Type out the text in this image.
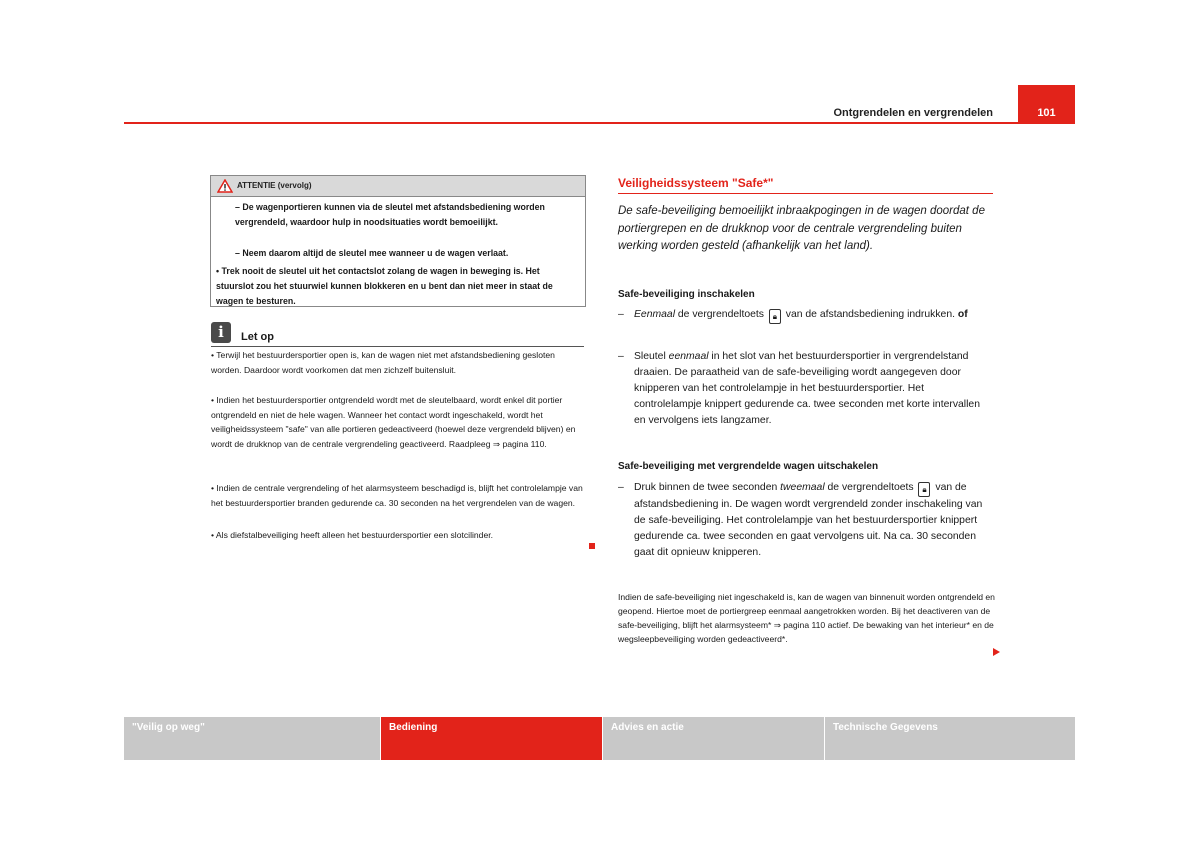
Ontgrendelen en vergrendelen	101
ATTENTIE (vervolg)
– De wagenportieren kunnen via de sleutel met afstandsbediening worden vergrendeld, waardoor hulp in noodsituaties wordt bemoeilijkt.
– Neem daarom altijd de sleutel mee wanneer u de wagen verlaat.
• Trek nooit de sleutel uit het contactslot zolang de wagen in beweging is. Het stuurslot zou het stuurwiel kunnen blokkeren en u bent dan niet meer in staat de wagen te besturen.
i	Let op
• Terwijl het bestuurdersportier open is, kan de wagen niet met afstandsbediening gesloten worden. Daardoor wordt voorkomen dat men zichzelf buitensluit.
• Indien het bestuurdersportier ontgrendeld wordt met de sleutelbaard, wordt enkel dit portier ontgrendeld en niet de hele wagen. Wanneer het contact wordt ingeschakeld, wordt het veiligheidssysteem "safe" van alle portieren gedeactiveerd (hoewel deze vergrendeld blijven) en wordt de drukknop van de centrale vergrendeling geactiveerd. Raadpleeg ⇒ pagina 110.
• Indien de centrale vergrendeling of het alarmsysteem beschadigd is, blijft het controlelampje van het bestuurdersportier branden gedurende ca. 30 seconden na het vergrendelen van de wagen.
• Als diefstalbeveiliging heeft alleen het bestuurdersportier een slotcilinder.
Veiligheidssysteem "Safe*"
De safe-beveiliging bemoeilijkt inbraakpogingen in de wagen doordat de portiergrepen en de drukknop voor de centrale vergrendeling buiten werking worden gesteld (afhankelijk van het land).
Safe-beveiliging inschakelen
– Eenmaal de vergrendeltoets 🔒︎ van de afstandsbediening indrukken. of
– Sleutel eenmaal in het slot van het bestuurdersportier in vergrendelstand draaien. De paraatheid van de safe-beveiliging wordt aangegeven door knipperen van het controlelampje in het bestuurdersportier. Het controlelampje knippert gedurende ca. twee seconden met korte intervallen en vervolgens iets langzamer.
Safe-beveiliging met vergrendelde wagen uitschakelen
– Druk binnen de twee seconden tweemaal de vergrendeltoets 🔒︎ van de afstandsbediening in. De wagen wordt vergrendeld zonder inschakeling van de safe-beveiliging. Het controlelampje van het bestuurdersportier knippert gedurende ca. twee seconden en gaat vervolgens uit. Na ca. 30 seconden gaat dit opnieuw knipperen.
Indien de safe-beveiliging niet ingeschakeld is, kan de wagen van binnenuit worden ontgrendeld en geopend. Hiertoe moet de portiergreep eenmaal aangetrokken worden. Bij het deactiveren van de safe-beveiliging, blijft het alarmsysteem* ⇒ pagina 110 actief. De bewaking van het interieur* en de wegsleepbeveiliging worden gedeactiveerd*.
"Veilig op weg"	Bediening	Advies en actie	Technische Gegevens
